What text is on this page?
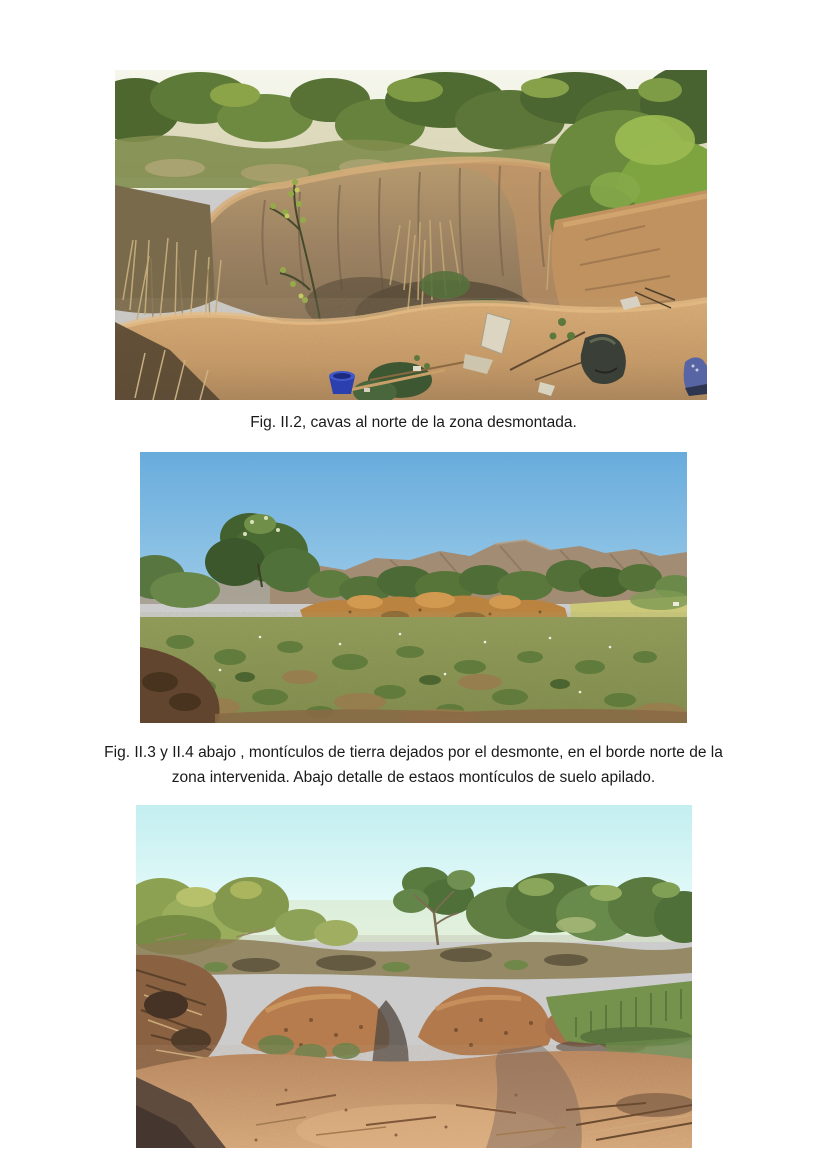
Fig. II.2, cavas al norte de la zona desmontada.
Fig. II.3 y II.4 abajo , montículos de tierra dejados por el desmonte, en el borde norte de la
zona intervenida. Abajo detalle de estaos montículos de suelo apilado.
